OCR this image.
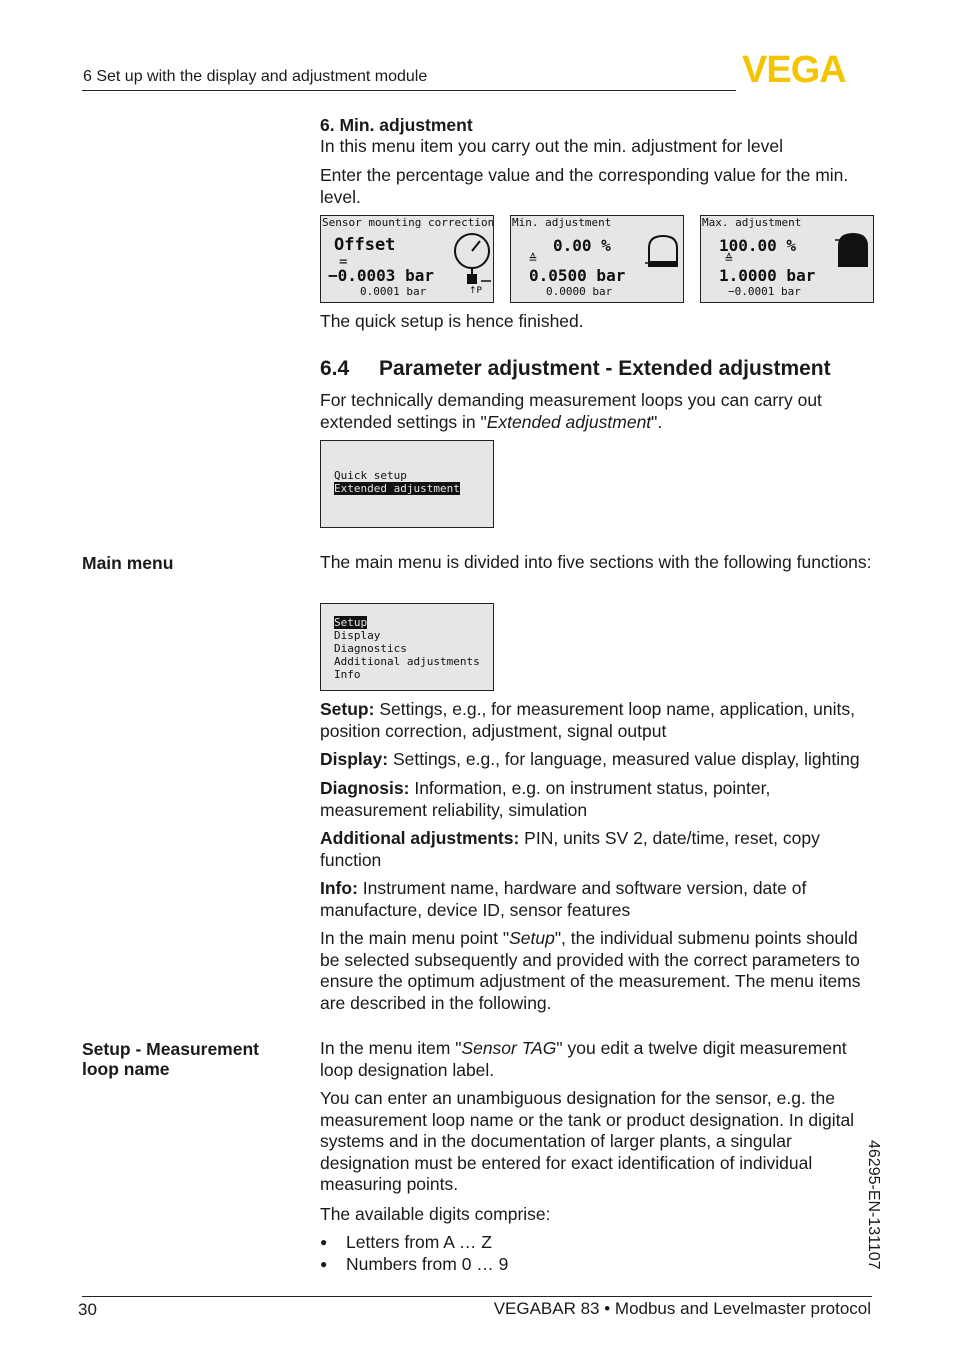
6 Set up with the display and adjustment module	VEGA
6. Min. adjustment
In this menu item you carry out the min. adjustment for level
Enter the percentage value and the corresponding value for the min. level.
Sensor mounting correction
Offset
=
−0.0003 bar
0.0001 bar	↑P
Min. adjustment
0.00 %
≙
0.0500 bar
0.0000 bar
Max. adjustment
100.00 %
≙
1.0000 bar
−0.0001 bar
The quick setup is hence finished.
6.4 Parameter adjustment - Extended adjustment
For technically demanding measurement loops you can carry out extended settings in "Extended adjustment".
Quick setup
Extended adjustment
Main menu	The main menu is divided into five sections with the following functions:
Setup
Display
Diagnostics
Additional adjustments
Info
Setup: Settings, e.g., for measurement loop name, application, units, position correction, adjustment, signal output
Display: Settings, e.g., for language, measured value display, lighting
Diagnosis: Information, e.g. on instrument status, pointer, measurement reliability, simulation
Additional adjustments: PIN, units SV 2, date/time, reset, copy function
Info: Instrument name, hardware and software version, date of manufacture, device ID, sensor features
In the main menu point "Setup", the individual submenu points should be selected subsequently and provided with the correct parameters to ensure the optimum adjustment of the measurement. The menu items are described in the following.
Setup - Measurement loop name
In the menu item "Sensor TAG" you edit a twelve digit measurement loop designation label.
You can enter an unambiguous designation for the sensor, e.g. the measurement loop name or the tank or product designation. In digital systems and in the documentation of larger plants, a singular designation must be entered for exact identification of individual measuring points.
The available digits comprise:
● Letters from A … Z
● Numbers from 0 … 9	46295-EN-131107
30	VEGABAR 83 • Modbus and Levelmaster protocol
